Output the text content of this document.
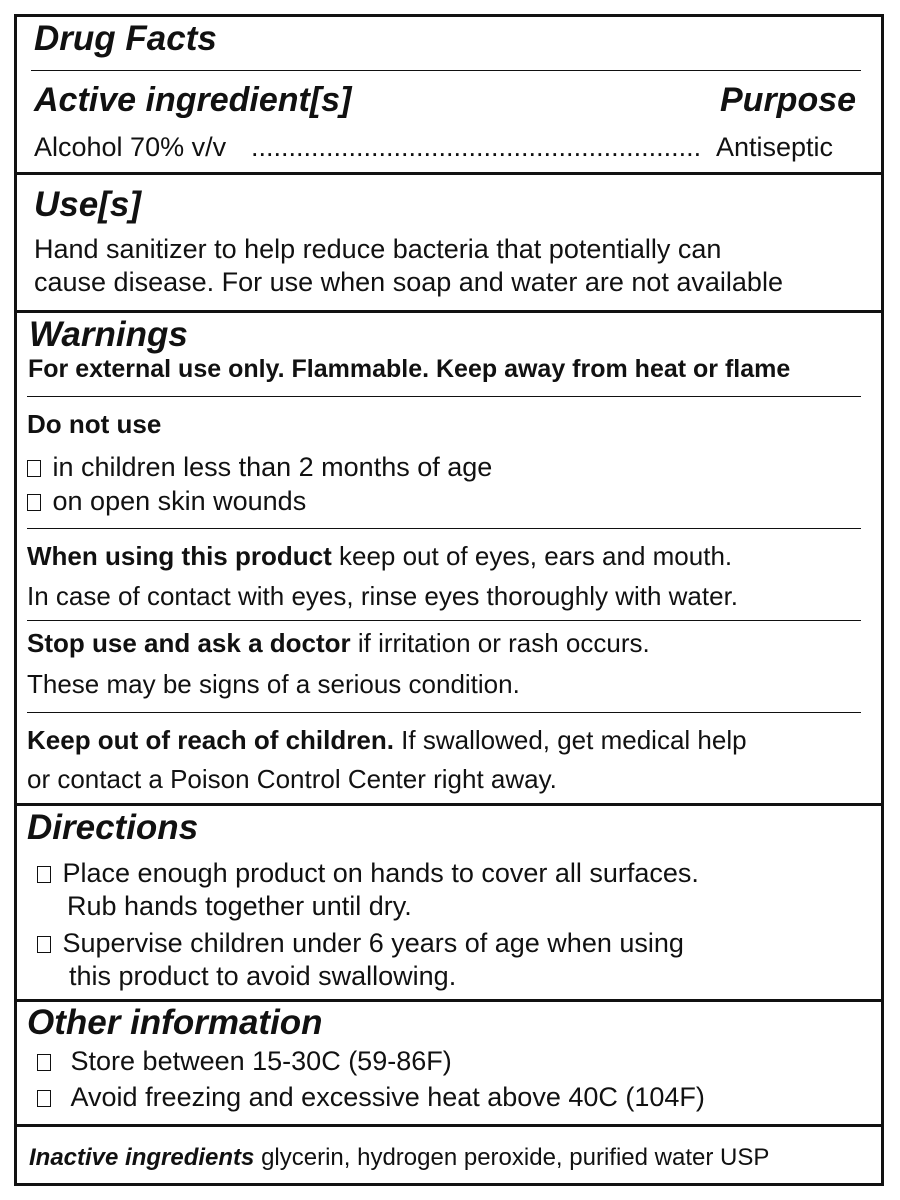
Drug Facts
Active ingredient[s]	Purpose
Alcohol 70% v/v ............................................................ Antiseptic
Use[s]
Hand sanitizer to help reduce bacteria that potentially can
cause disease. For use when soap and water are not available
Warnings
For external use only. Flammable. Keep away from heat or flame
Do not use
in children less than 2 months of age
on open skin wounds
When using this product keep out of eyes, ears and mouth.
In case of contact with eyes, rinse eyes thoroughly with water.
Stop use and ask a doctor if irritation or rash occurs.
These may be signs of a serious condition.
Keep out of reach of children. If swallowed, get medical help
or contact a Poison Control Center right away.
Directions
Place enough product on hands to cover all surfaces.
Rub hands together until dry.
Supervise children under 6 years of age when using
this product to avoid swallowing.
Other information
Store between 15-30C (59-86F)
Avoid freezing and excessive heat above 40C (104F)
Inactive ingredients glycerin, hydrogen peroxide, purified water USP
